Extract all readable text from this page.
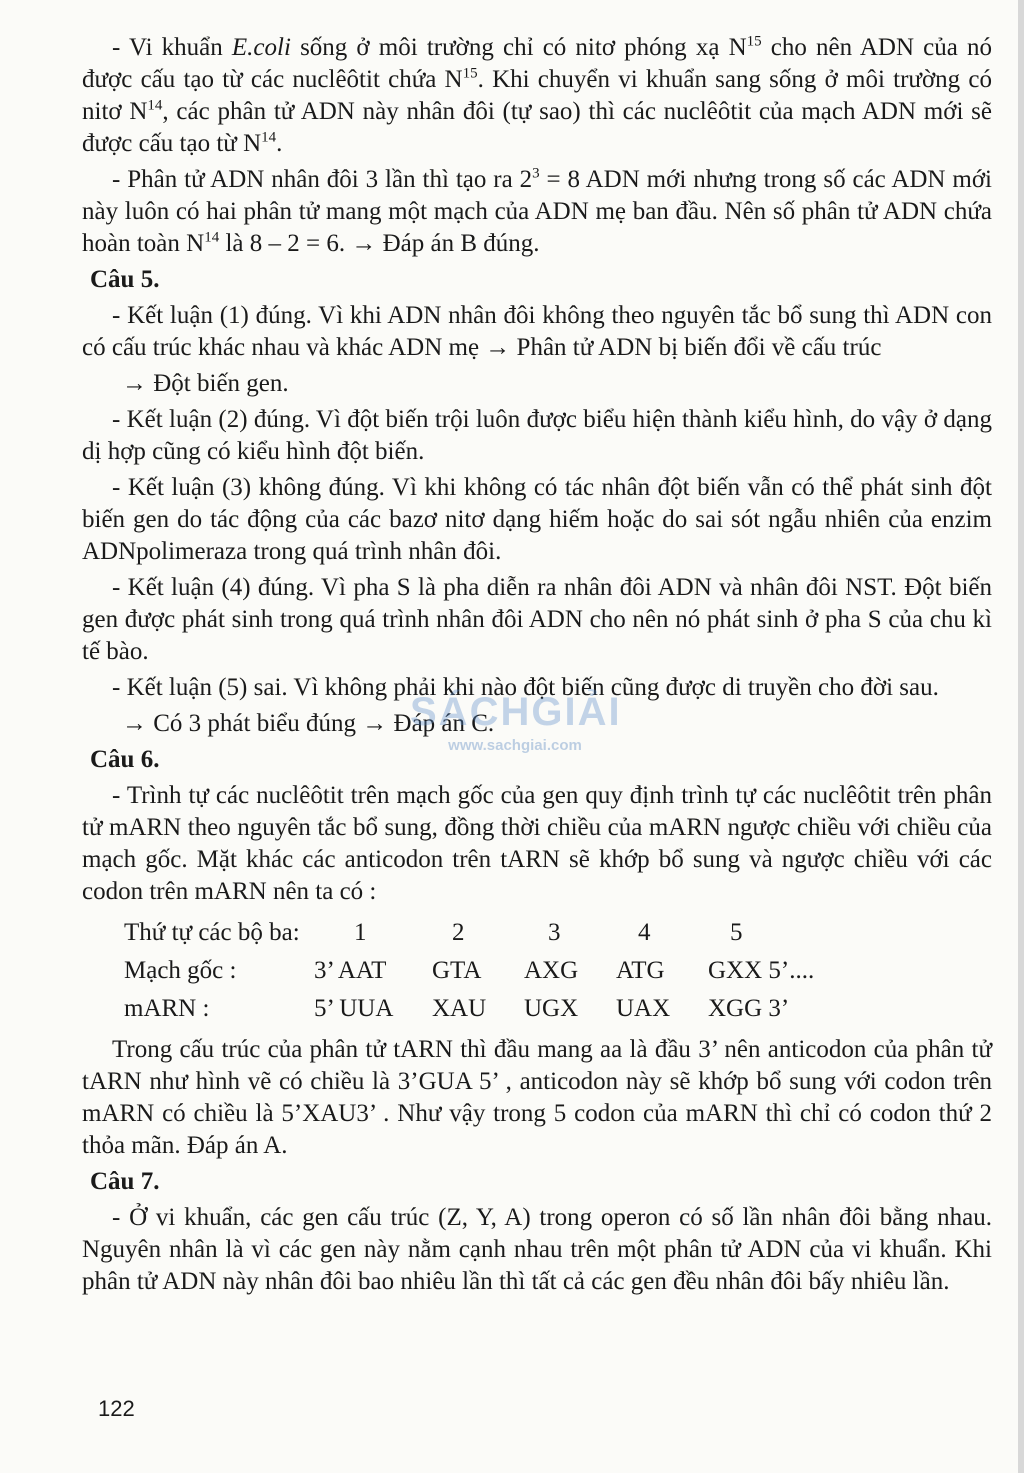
- Vi khuẩn E.coli sống ở môi trường chỉ có nitơ phóng xạ $N^{15}$ cho nên ADN của nó được cấu tạo từ các nuclêôtit chứa $N^{15}$. Khi chuyển vi khuẩn sang sống ở môi trường có nitơ $N^{14}$, các phân tử ADN này nhân đôi (tự sao) thì các nuclêôtit của mạch ADN mới sẽ được cấu tạo từ $N^{14}$.

- Phân tử ADN nhân đôi 3 lần thì tạo ra $2^3 = 8$ ADN mới nhưng trong số các ADN mới này luôn có hai phân tử mang một mạch của ADN mẹ ban đầu. Nên số phân tử ADN chứa hoàn toàn $N^{14}$ là 8 – 2 = 6. → Đáp án B đúng.

Câu 5.

- Kết luận (1) đúng. Vì khi ADN nhân đôi không theo nguyên tắc bổ sung thì ADN con có cấu trúc khác nhau và khác ADN mẹ → Phân tử ADN bị biến đổi về cấu trúc

→ Đột biến gen.

- Kết luận (2) đúng. Vì đột biến trội luôn được biểu hiện thành kiểu hình, do vậy ở dạng dị hợp cũng có kiểu hình đột biến.

- Kết luận (3) không đúng. Vì khi không có tác nhân đột biến vẫn có thể phát sinh đột biến gen do tác động của các bazơ nitơ dạng hiếm hoặc do sai sót ngẫu nhiên của enzim ADNpolimeraza trong quá trình nhân đôi.

- Kết luận (4) đúng. Vì pha S là pha diễn ra nhân đôi ADN và nhân đôi NST. Đột biến gen được phát sinh trong quá trình nhân đôi ADN cho nên nó phát sinh ở pha S của chu kì tế bào.

- Kết luận (5) sai. Vì không phải khi nào đột biến cũng được di truyền cho đời sau.

→ Có 3 phát biểu đúng → Đáp án C.

Câu 6.

- Trình tự các nuclêôtit trên mạch gốc của gen quy định trình tự các nuclêôtit trên phân tử mARN theo nguyên tắc bổ sung, đồng thời chiều của mARN ngược chiều với chiều của mạch gốc. Mặt khác các anticodon trên tARN sẽ khớp bổ sung và ngược chiều với các codon trên mARN nên ta có :

Thứ tự các bộ ba:	1	2	3	4	5
Mạch gốc :	3’ AAT	GTA	AXG	ATG	GXX 5’....
mARN :	5’ UUA	XAU	UGX	UAX	XGG 3’

Trong cấu trúc của phân tử tARN thì đầu mang aa là đầu 3’ nên anticodon của phân tử tARN như hình vẽ có chiều là 3’GUA 5’ , anticodon này sẽ khớp bổ sung với codon trên mARN có chiều là 5’XAU3’ . Như vậy trong 5 codon của mARN thì chỉ có codon thứ 2 thỏa mãn. Đáp án A.

Câu 7.

- Ở vi khuẩn, các gen cấu trúc (Z, Y, A) trong operon có số lần nhân đôi bằng nhau. Nguyên nhân là vì các gen này nằm cạnh nhau trên một phân tử ADN của vi khuẩn. Khi phân tử ADN này nhân đôi bao nhiêu lần thì tất cả các gen đều nhân đôi bấy nhiêu lần.

SÁCHGIẢI
www.sachgiai.com
122
